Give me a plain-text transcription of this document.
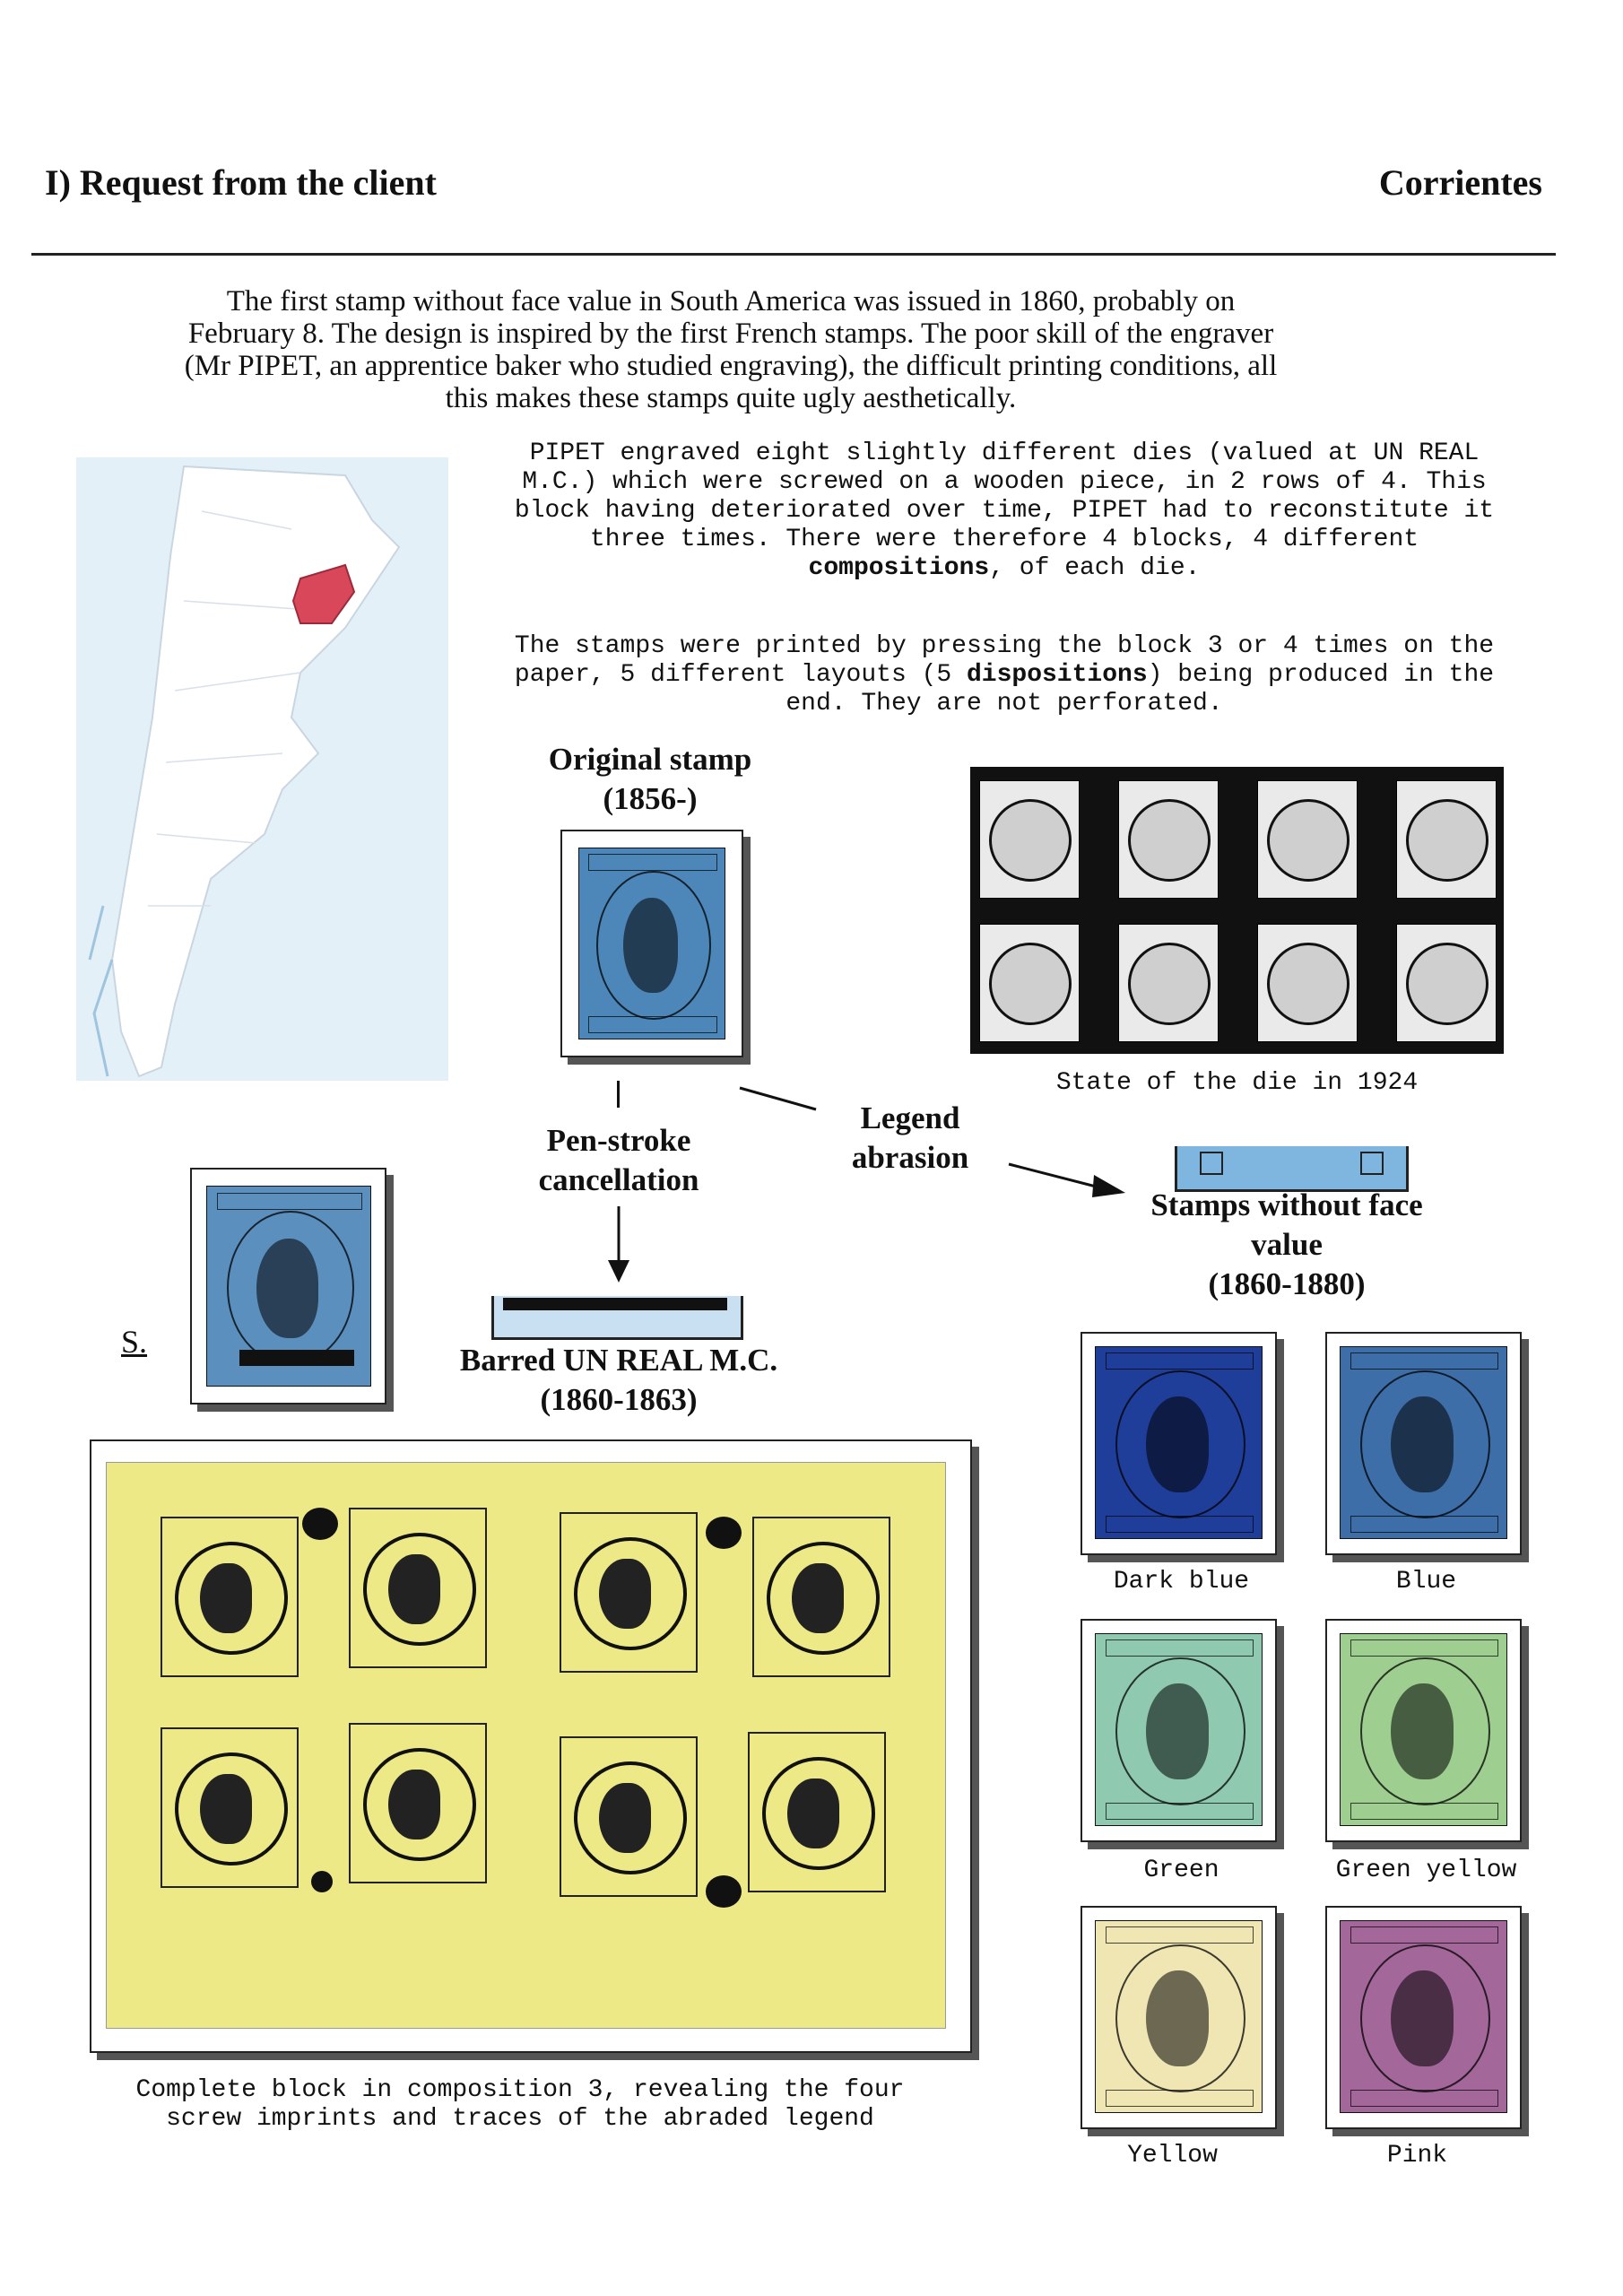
I) Request from the client	Corrientes
The first stamp without face value in South America was issued in 1860, probably on February 8. The design is inspired by the first French stamps. The poor skill of the engraver (Mr PIPET, an apprentice baker who studied engraving), the difficult printing conditions, all this makes these stamps quite ugly aesthetically.
PIPET engraved eight slightly different dies (valued at UN REAL M.C.) which were screwed on a wooden piece, in 2 rows of 4. This block having deteriorated over time, PIPET had to reconstitute it three times. There were therefore 4 blocks, 4 different compositions, of each die.
The stamps were printed by pressing the block 3 or 4 times on the paper, 5 different layouts (5 dispositions) being produced in the end. They are not perforated.
Original stamp
(1856-)
State of the die in 1924
Pen-stroke
cancellation
Legend
abrasion
Stamps without face
value
(1860-1880)
S.
Barred UN REAL M.C.
(1860-1863)
Complete block in composition 3, revealing the four screw imprints and traces of the abraded legend
Dark blue	Blue
Green	Green yellow
Yellow	Pink
